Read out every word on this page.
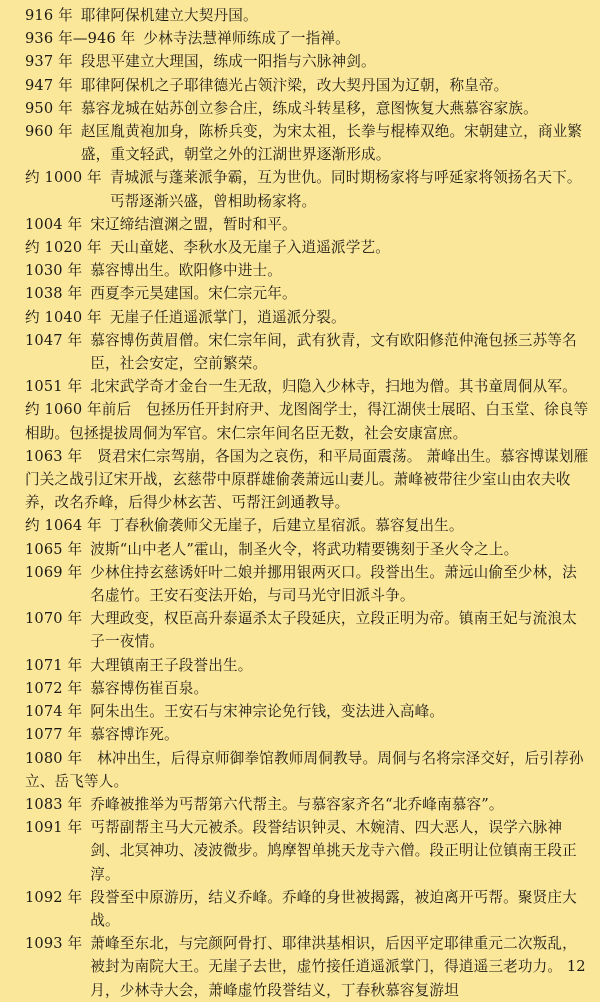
916 年 耶律阿保机建立大契丹国。
936 年—946 年 少林寺法慧禅师练成了一指禅。
937 年 段思平建立大理国，练成一阳指与六脉神剑。
947 年 耶律阿保机之子耶律德光占领汴梁，改大契丹国为辽朝，称皇帝。
950 年 慕容龙城在姑苏创立参合庄，练成斗转星移，意图恢复大燕慕容家族。
960 年 赵匡胤黄袍加身，陈桥兵变，为宋太祖，长拳与棍棒双绝。宋朝建立，商业繁盛，重文轻武，朝堂之外的江湖世界逐渐形成。
约 1000 年 青城派与蓬莱派争霸，互为世仇。同时期杨家将与呼延家将领扬名天下。丐帮逐渐兴盛，曾相助杨家将。
1004 年 宋辽缔结澶渊之盟，暂时和平。
约 1020 年 天山童姥、李秋水及无崖子入逍遥派学艺。
1030 年 慕容博出生。欧阳修中进士。
1038 年 西夏李元昊建国。宋仁宗元年。
约 1040 年 无崖子任逍遥派掌门，逍遥派分裂。
1047 年 慕容博伤黄眉僧。宋仁宗年间，武有狄青，文有欧阳修范仲淹包拯三苏等名臣，社会安定，空前繁荣。
1051 年 北宋武学奇才金台一生无敌，归隐入少林寺，扫地为僧。其书童周侗从军。
约 1060 年前后 包拯历任开封府尹、龙图阁学士，得江湖侠士展昭、白玉堂、徐良等相助。包拯提拔周侗为军官。宋仁宗年间名臣无数，社会安康富庶。
1063 年 贤君宋仁宗驾崩，各国为之哀伤，和平局面震荡。 萧峰出生。慕容博谋划雁门关之战引辽宋开战，玄慈带中原群雄偷袭萧远山妻儿。萧峰被带往少室山由农夫收养，改名乔峰，后得少林玄苦、丐帮汪剑通教导。
约 1064 年 丁春秋偷袭师父无崖子，后建立星宿派。慕容复出生。
1065 年 波斯“山中老人”霍山，制圣火令，将武功精要镌刻于圣火令之上。
1069 年 少林住持玄慈诱奸叶二娘并挪用银两灭口。段誉出生。萧远山偷至少林，法名虚竹。王安石变法开始，与司马光守旧派斗争。
1070 年 大理政变，权臣高升泰逼杀太子段延庆，立段正明为帝。镇南王妃与流浪太子一夜情。
1071 年 大理镇南王子段誉出生。
1072 年 慕容博伤崔百泉。
1074 年 阿朱出生。王安石与宋神宗论免行钱，变法进入高峰。
1077 年 慕容博诈死。
1080 年 林冲出生，后得京师御拳馆教师周侗教导。周侗与名将宗泽交好，后引荐孙立、岳飞等人。
1083 年 乔峰被推举为丐帮第六代帮主。与慕容家齐名“北乔峰南慕容”。
1091 年 丐帮副帮主马大元被杀。段誉结识钟灵、木婉清、四大恶人，误学六脉神剑、北冥神功、凌波微步。鸠摩智单挑天龙寺六僧。段正明让位镇南王段正淳。
1092 年 段誉至中原游历，结义乔峰。乔峰的身世被揭露，被迫离开丐帮。聚贤庄大战。
1093 年 萧峰至东北，与完颜阿骨打、耶律洪基相识，后因平定耶律重元二次叛乱，被封为南院大王。无崖子去世，虚竹接任逍遥派掌门，得逍遥三老功力。 12 月，少林寺大会，萧峰虚竹段誉结义，丁春秋慕容复游坦
